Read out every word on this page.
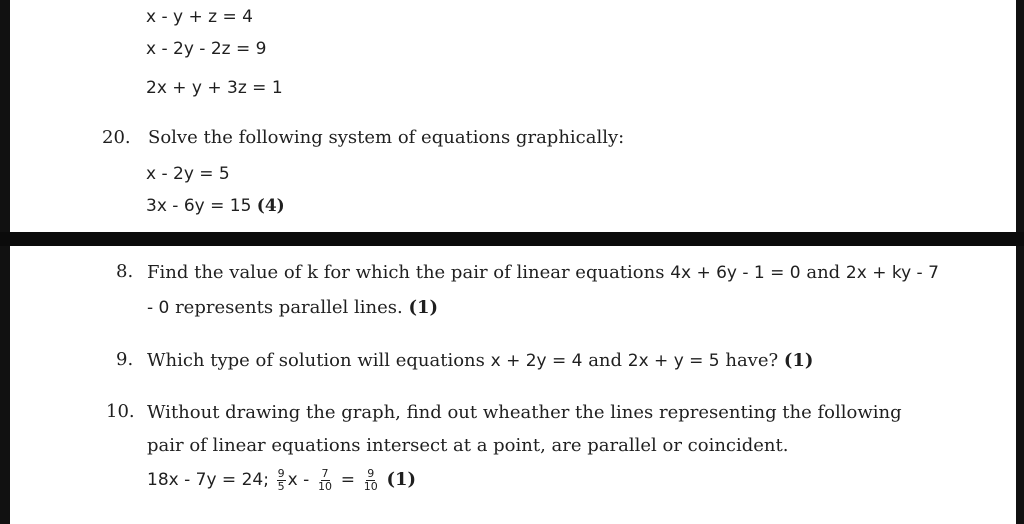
x - y + z = 4
x - 2y - 2z = 9
2x + y + 3z = 1
20. Solve the following system of equations graphically:
x - 2y = 5
3x - 6y = 15 (4)
8. Find the value of k for which the pair of linear equations 4x + 6y - 1 = 0 and 2x + ky - 7
- 0 represents parallel lines. (1)
9. Which type of solution will equations x + 2y = 4 and 2x + y = 5 have? (1)
10. Without drawing the graph, find out wheather the lines representing the following
pair of linear equations intersect at a point, are parallel or coincident.
18x - 7y = 24; $\frac{9}{5}$ $x - \frac{7}{10} = \frac{9}{10} (1)$
